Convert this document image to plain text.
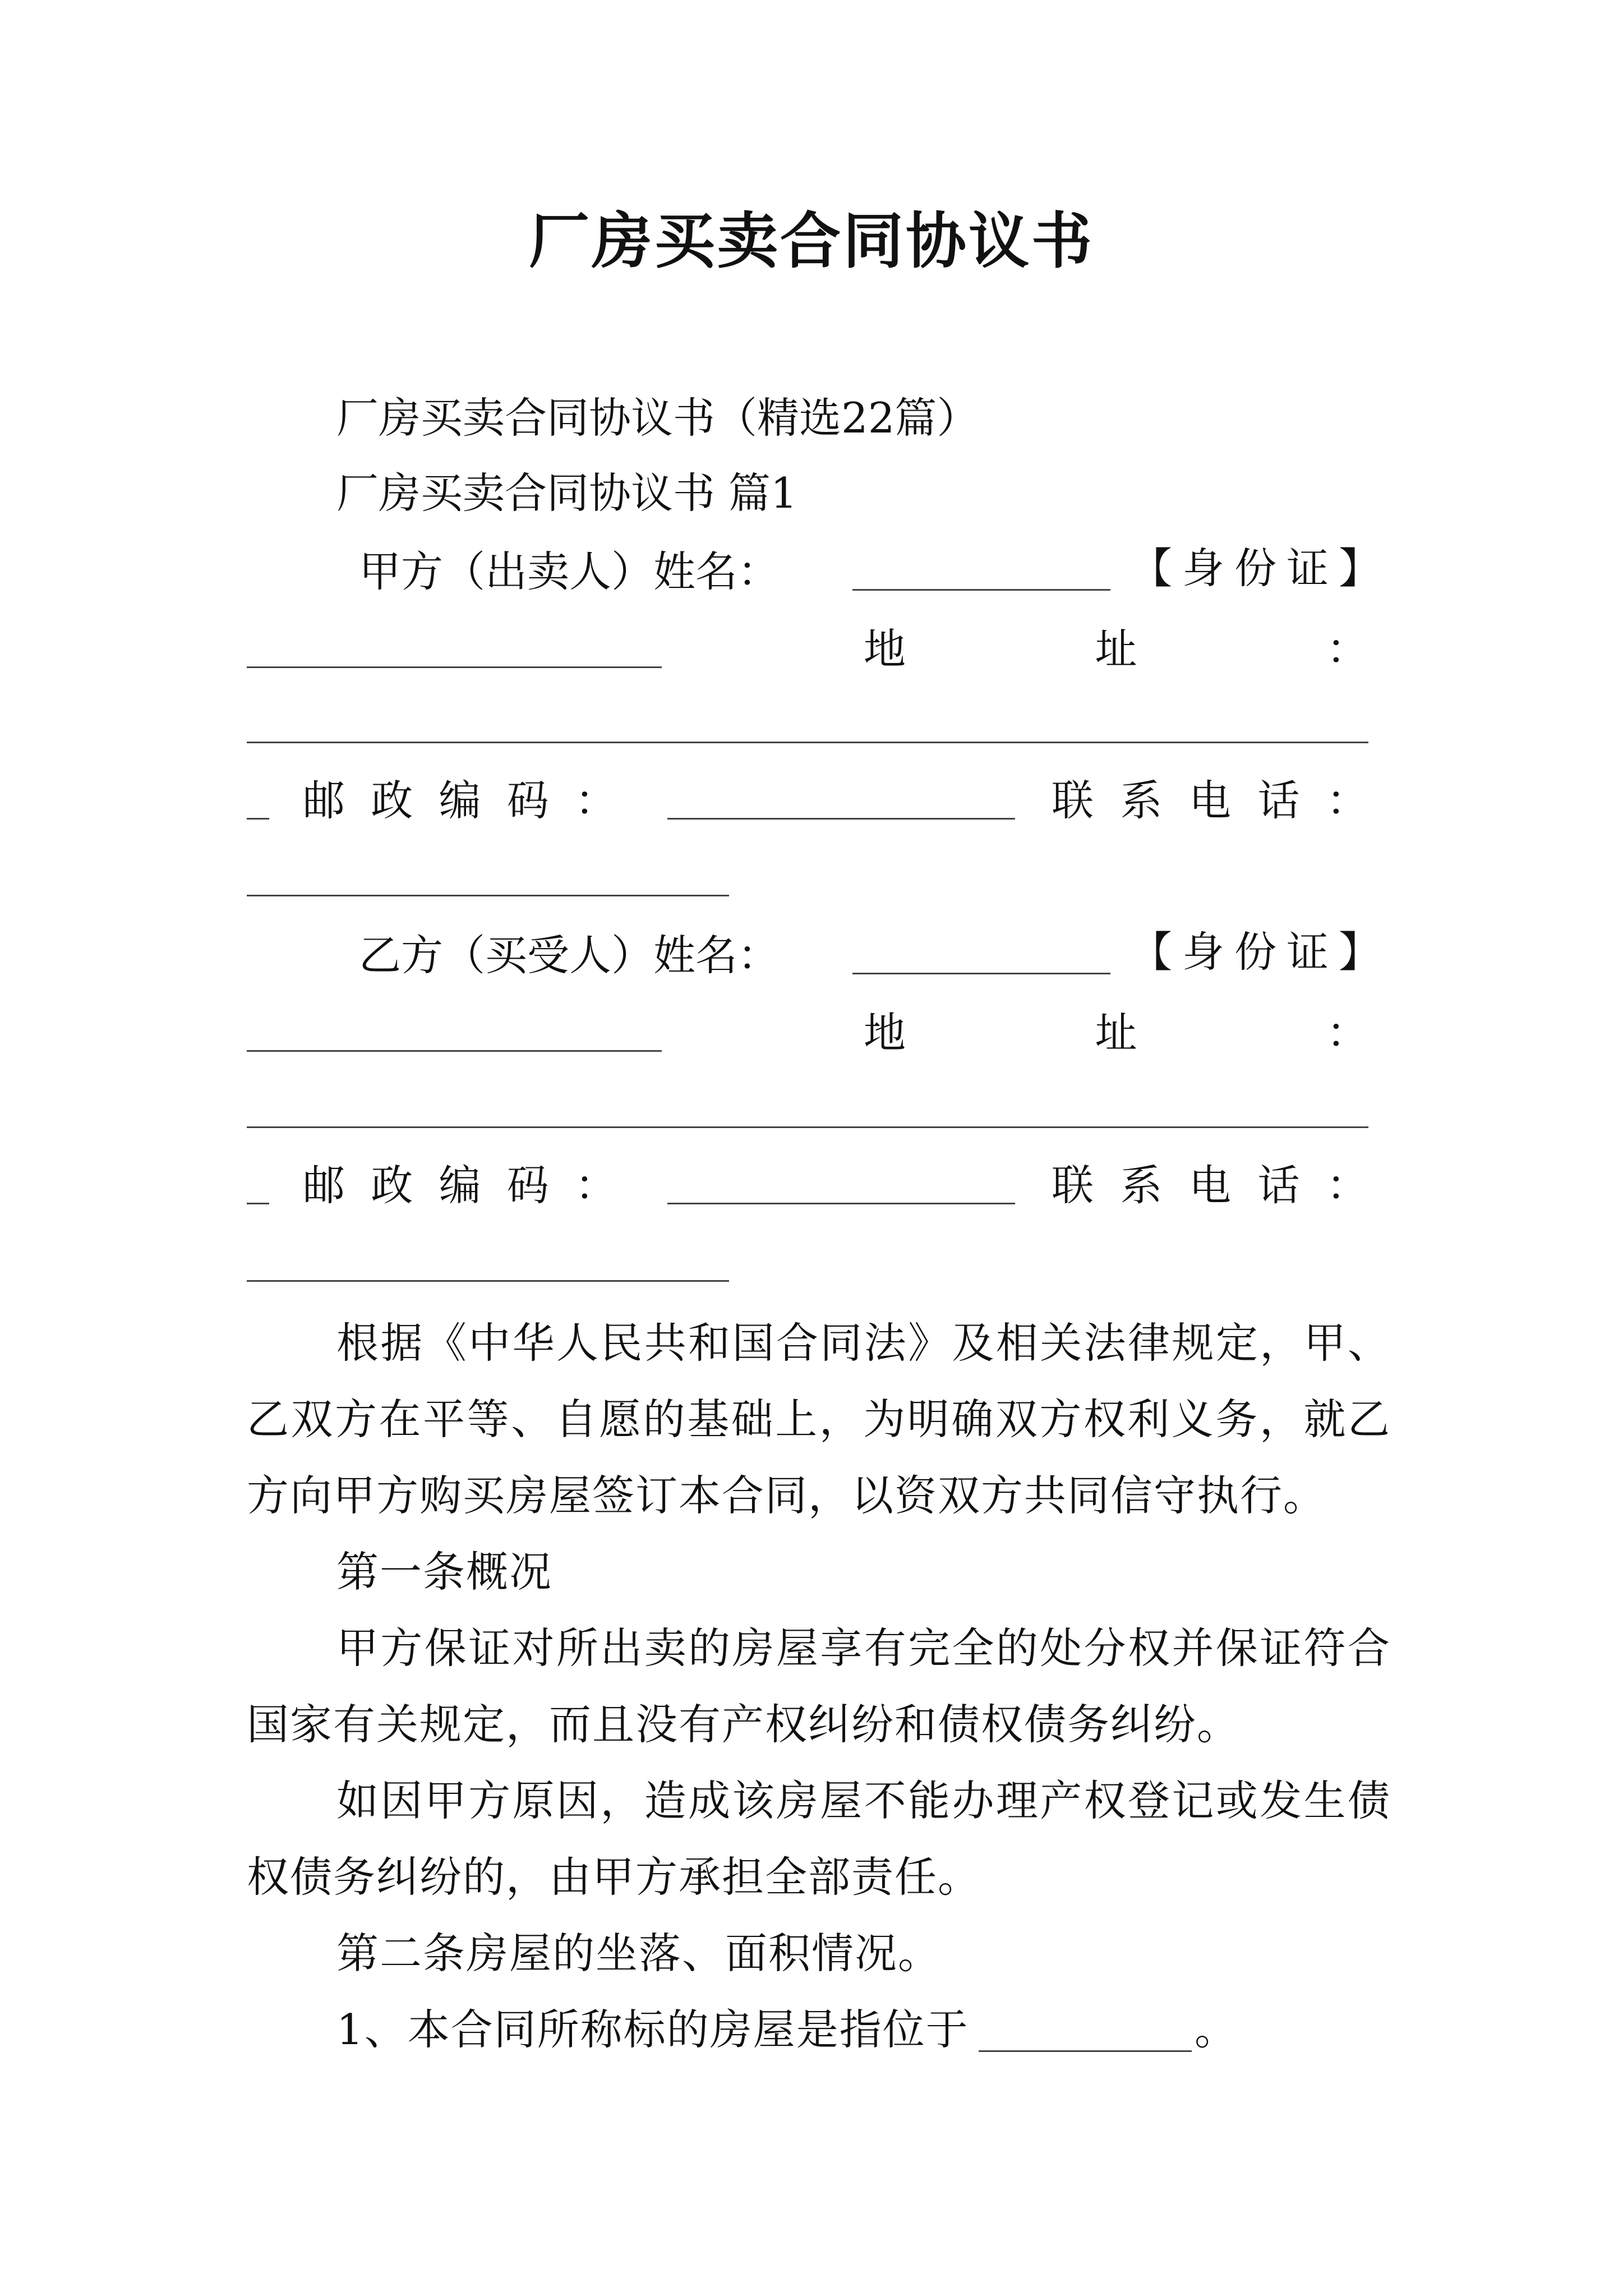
厂房买卖合同协议书
厂房买卖合同协议书（精选22篇）
厂房买卖合同协议书 篇1
甲方（出卖人）姓名：	【身份证】
地	址	：
邮 政 编 码 ：	联 系 电 话 ：
乙方（买受人）姓名：	【身份证】
地	址	：
邮 政 编 码 ：	联 系 电 话 ：
根据《中华人民共和国合同法》及相关法律规定，甲、乙双方在平等、自愿的基础上，为明确双方权利义务，就乙方向甲方购买房屋签订本合同，以资双方共同信守执行。
第一条概况
甲方保证对所出卖的房屋享有完全的处分权并保证符合国家有关规定，而且没有产权纠纷和债权债务纠纷。
如因甲方原因，造成该房屋不能办理产权登记或发生债权债务纠纷的，由甲方承担全部责任。
第二条房屋的坐落、面积情况。
1、本合同所称标的房屋是指位于	。
